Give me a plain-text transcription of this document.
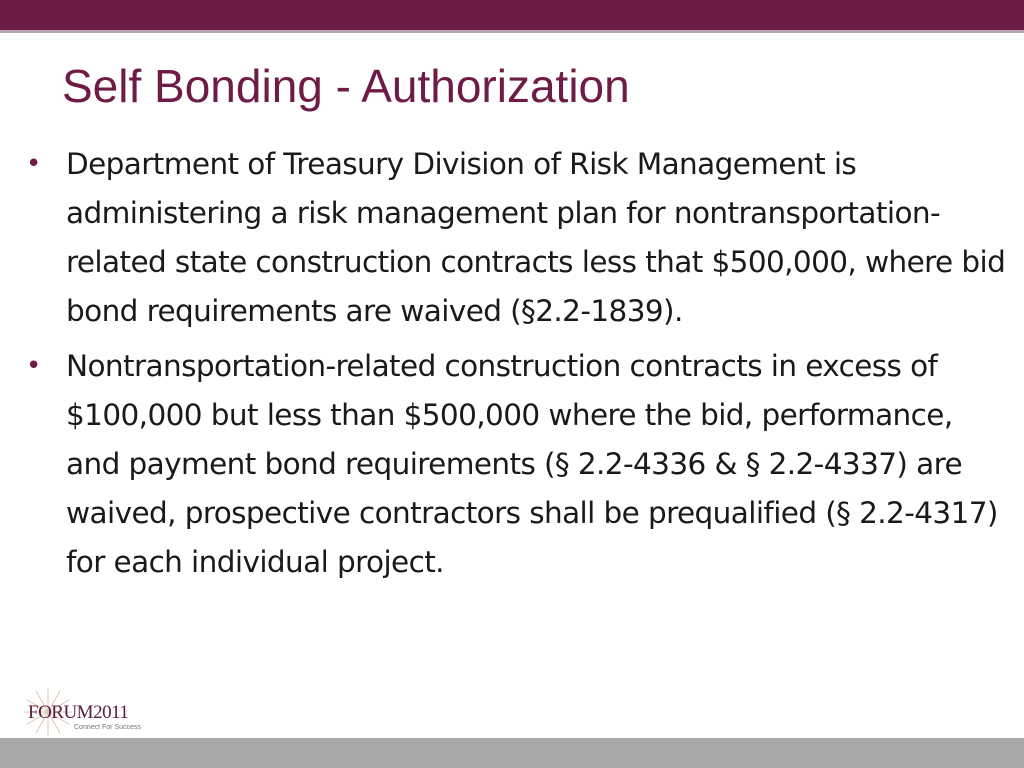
Self Bonding - Authorization
• Department of Treasury Division of Risk Management is administering a risk management plan for nontransportation-related state construction contracts less that $500,000, where bid bond requirements are waived (§2.2-1839).
• Nontransportation-related construction contracts in excess of $100,000 but less than $500,000 where the bid, performance, and payment bond requirements (§ 2.2-4336 & § 2.2-4337) are waived, prospective contractors shall be prequalified (§ 2.2-4317) for each individual project.
FORUM2011
Connect For Success
